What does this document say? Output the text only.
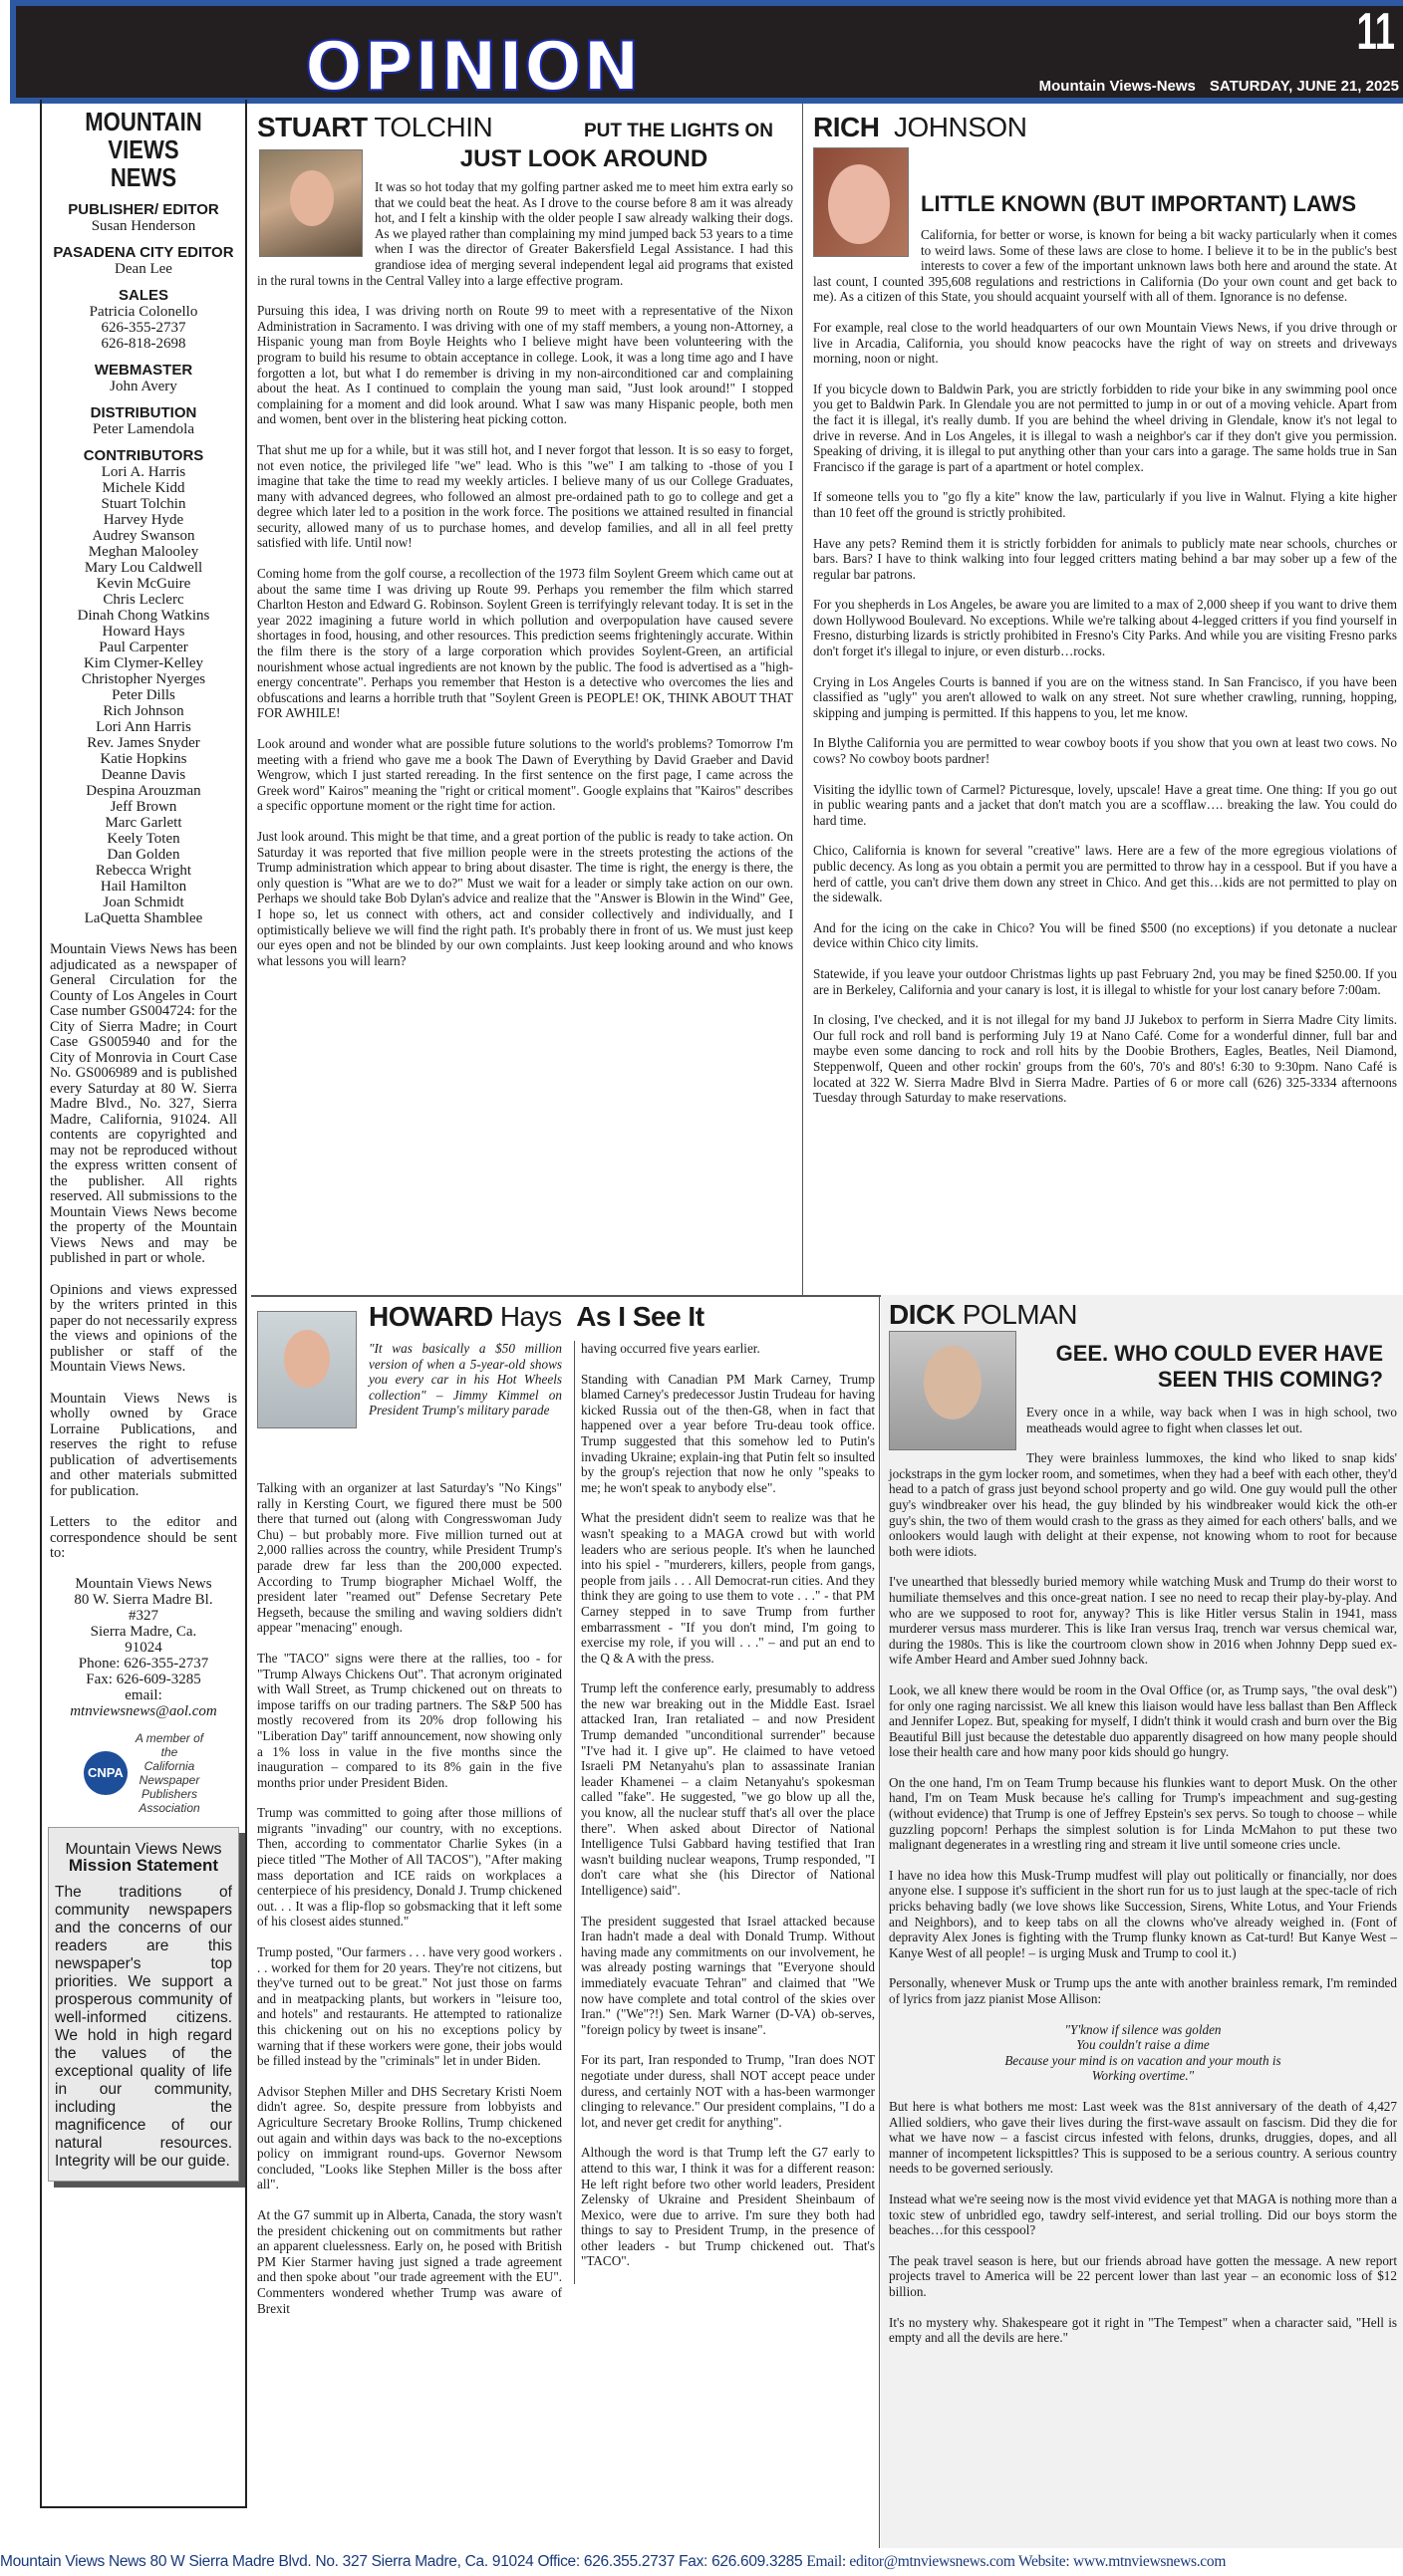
OPINION	11
Mountain Views-News SATURDAY, JUNE 21, 2025
MOUNTAIN
VIEWS
NEWS
PUBLISHER/ EDITOR
Susan Henderson
PASADENA CITY EDITOR
Dean Lee
SALES
Patricia Colonello
626-355-2737
626-818-2698
WEBMASTER
John Avery
DISTRIBUTION
Peter Lamendola
CONTRIBUTORS
Lori A. Harris
Michele Kidd
Stuart Tolchin
Harvey Hyde
Audrey Swanson
Meghan Malooley
Mary Lou Caldwell
Kevin McGuire
Chris Leclerc
Dinah Chong Watkins
Howard Hays
Paul Carpenter
Kim Clymer-Kelley
Christopher Nyerges
Peter Dills
Rich Johnson
Lori Ann Harris
Rev. James Snyder
Katie Hopkins
Deanne Davis
Despina Arouzman
Jeff Brown
Marc Garlett
Keely Toten
Dan Golden
Rebecca Wright
Hail Hamilton
Joan Schmidt
LaQuetta Shamblee
Mountain Views News has been adjudicated as a newspaper of General Circulation for the County of Los Angeles in Court Case number GS004724: for the City of Sierra Madre; in Court Case GS005940 and for the City of Monrovia in Court Case No. GS006989 and is published every Saturday at 80 W. Sierra Madre Blvd., No. 327, Sierra Madre, California, 91024. All contents are copyrighted and may not be reproduced without the express written consent of the publisher. All rights reserved. All submissions to the Mountain Views News become the property of the Mountain Views News and may be published in part or whole.
Opinions and views expressed by the writers printed in this paper do not necessarily express the views and opinions of the publisher or staff of the Mountain Views News.
Mountain Views News is wholly owned by Grace Lorraine Publications, and reserves the right to refuse publication of advertisements and other materials submitted for publication.
Letters to the editor and correspondence should be sent to:
Mountain Views News
80 W. Sierra Madre Bl.
#327
Sierra Madre, Ca.
91024
Phone: 626-355-2737
Fax: 626-609-3285
email:
mtnviewsnews@aol.com
CNPA
A member of
the
California
Newspaper
Publishers
Association
Mountain Views News
Mission Statement
The traditions of community newspapers and the concerns of our readers are this newspaper's top priorities. We support a prosperous community of well-informed citizens. We hold in high regard the values of the exceptional quality of life in our community, including the magnificence of our natural resources. Integrity will be our guide.
STUART TOLCHIN	PUT THE LIGHTS ON
JUST LOOK AROUND

It was so hot today that my golfing partner asked me to meet him extra early so that we could beat the heat. As I drove to the course before 8 am it was already hot, and I felt a kinship with the older people I saw already walking their dogs. As we played rather than complaining my mind jumped back 53 years to a time when I was the director of Greater Bakersfield Legal Assistance. I had this grandiose idea of merging several independent legal aid programs that existed in the rural towns in the Central Valley into a large effective program.

Pursuing this idea, I was driving north on Route 99 to meet with a representative of the Nixon Administration in Sacramento. I was driving with one of my staff members, a young non-Attorney, a Hispanic young man from Boyle Heights who I believe might have been volunteering with the program to build his resume to obtain acceptance in college. Look, it was a long time ago and I have forgotten a lot, but what I do remember is driving in my non-airconditioned car and complaining about the heat. As I continued to complain the young man said, "Just look around!" I stopped complaining for a moment and did look around. What I saw was many Hispanic people, both men and women, bent over in the blistering heat picking cotton.

That shut me up for a while, but it was still hot, and I never forgot that lesson. It is so easy to forget, not even notice, the privileged life "we" lead. Who is this "we" I am talking to -those of you I imagine that take the time to read my weekly articles. I believe many of us our College Graduates, many with advanced degrees, who followed an almost pre-ordained path to go to college and get a degree which later led to a position in the work force. The positions we attained resulted in financial security, allowed many of us to purchase homes, and develop families, and all in all feel pretty satisfied with life. Until now!

Coming home from the golf course, a recollection of the 1973 film Soylent Greem which came out at about the same time I was driving up Route 99. Perhaps you remember the film which starred Charlton Heston and Edward G. Robinson. Soylent Green is terrifyingly relevant today. It is set in the year 2022 imagining a future world in which pollution and overpopulation have caused severe shortages in food, housing, and other resources. This prediction seems frighteningly accurate. Within the film there is the story of a large corporation which provides Soylent-Green, an artificial nourishment whose actual ingredients are not known by the public. The food is advertised as a "high-energy concentrate". Perhaps you remember that Heston is a detective who overcomes the lies and obfuscations and learns a horrible truth that "Soylent Green is PEOPLE! OK, THINK ABOUT THAT FOR AWHILE!

Look around and wonder what are possible future solutions to the world's problems? Tomorrow I'm meeting with a friend who gave me a book The Dawn of Everything by David Graeber and David Wengrow, which I just started rereading. In the first sentence on the first page, I came across the Greek word" Kairos" meaning the "right or critical moment". Google explains that "Kairos" describes a specific opportune moment or the right time for action.

Just look around. This might be that time, and a great portion of the public is ready to take action. On Saturday it was reported that five million people were in the streets protesting the actions of the Trump administration which appear to bring about disaster. The time is right, the energy is there, the only question is "What are we to do?" Must we wait for a leader or simply take action on our own. Perhaps we should take Bob Dylan's advice and realize that the "Answer is Blowin in the Wind" Gee, I hope so, let us connect with others, act and consider collectively and individually, and I optimistically believe we will find the right path. It's probably there in front of us. We must just keep our eyes open and not be blinded by our own complaints. Just keep looking around and who knows what lessons you will learn?

RICH JOHNSON
LITTLE KNOWN (BUT IMPORTANT) LAWS

California, for better or worse, is known for being a bit wacky particularly when it comes to weird laws. Some of these laws are close to home. I believe it to be in the public's best interests to cover a few of the important unknown laws both here and around the state. At last count, I counted 395,608 regulations and restrictions in California (Do your own count and get back to me). As a citizen of this State, you should acquaint yourself with all of them. Ignorance is no defense.

For example, real close to the world headquarters of our own Mountain Views News, if you drive through or live in Arcadia, California, you should know peacocks have the right of way on streets and driveways morning, noon or night.

If you bicycle down to Baldwin Park, you are strictly forbidden to ride your bike in any swimming pool once you get to Baldwin Park. In Glendale you are not permitted to jump in or out of a moving vehicle. Apart from the fact it is illegal, it's really dumb. If you are behind the wheel driving in Glendale, know it's not legal to drive in reverse. And in Los Angeles, it is illegal to wash a neighbor's car if they don't give you permission. Speaking of driving, it is illegal to put anything other than your cars into a garage. The same holds true in San Francisco if the garage is part of a apartment or hotel complex.

If someone tells you to "go fly a kite" know the law, particularly if you live in Walnut. Flying a kite higher than 10 feet off the ground is strictly prohibited.

Have any pets? Remind them it is strictly forbidden for animals to publicly mate near schools, churches or bars. Bars? I have to think walking into four legged critters mating behind a bar may sober up a few of the regular bar patrons.

For you shepherds in Los Angeles, be aware you are limited to a max of 2,000 sheep if you want to drive them down Hollywood Boulevard. No exceptions. While we're talking about 4-legged critters if you find yourself in Fresno, disturbing lizards is strictly prohibited in Fresno's City Parks. And while you are visiting Fresno parks don't forget it's illegal to injure, or even disturb…rocks.

Crying in Los Angeles Courts is banned if you are on the witness stand. In San Francisco, if you have been classified as "ugly" you aren't allowed to walk on any street. Not sure whether crawling, running, hopping, skipping and jumping is permitted. If this happens to you, let me know.

In Blythe California you are permitted to wear cowboy boots if you show that you own at least two cows. No cows? No cowboy boots pardner!

Visiting the idyllic town of Carmel? Picturesque, lovely, upscale! Have a great time. One thing: If you go out in public wearing pants and a jacket that don't match you are a scofflaw…. breaking the law. You could do hard time.

Chico, California is known for several "creative" laws. Here are a few of the more egregious violations of public decency. As long as you obtain a permit you are permitted to throw hay in a cesspool. But if you have a herd of cattle, you can't drive them down any street in Chico. And get this…kids are not permitted to play on the sidewalk.

And for the icing on the cake in Chico? You will be fined $500 (no exceptions) if you detonate a nuclear device within Chico city limits.

Statewide, if you leave your outdoor Christmas lights up past February 2nd, you may be fined $250.00. If you are in Berkeley, California and your canary is lost, it is illegal to whistle for your lost canary before 7:00am.

In closing, I've checked, and it is not illegal for my band JJ Jukebox to perform in Sierra Madre City limits. Our full rock and roll band is performing July 19 at Nano Café. Come for a wonderful dinner, full bar and maybe even some dancing to rock and roll hits by the Doobie Brothers, Eagles, Beatles, Neil Diamond, Steppenwolf, Queen and other rockin' groups from the 60's, 70's and 80's! 6:30 to 9:30pm. Nano Café is located at 322 W. Sierra Madre Blvd in Sierra Madre. Parties of 6 or more call (626) 325-3334 afternoons Tuesday through Saturday to make reservations.

HOWARD Hays As I See It
"It was basically a $50 million version of when a 5-year-old shows you every car in his Hot Wheels collection" – Jimmy Kimmel on President Trump's military parade

Talking with an organizer at last Saturday's "No Kings" rally in Kersting Court, we figured there must be 500 there that turned out (along with Congresswoman Judy Chu) – but probably more. Five million turned out at 2,000 rallies across the country, while President Trump's parade drew far less than the 200,000 expected. According to Trump biographer Michael Wolff, the president later "reamed out" Defense Secretary Pete Hegseth, because the smiling and waving soldiers didn't appear "menacing" enough.

The "TACO" signs were there at the rallies, too - for "Trump Always Chickens Out". That acronym originated with Wall Street, as Trump chickened out on threats to impose tariffs on our trading partners. The S&P 500 has mostly recovered from its 20% drop following his "Liberation Day" tariff announcement, now showing only a 1% loss in value in the five months since the inauguration – compared to its 8% gain in the five months prior under President Biden.

Trump was committed to going after those millions of migrants "invading" our country, with no exceptions. Then, according to commentator Charlie Sykes (in a piece titled "The Mother of All TACOS"), "After making mass deportation and ICE raids on workplaces a centerpiece of his presidency, Donald J. Trump chickened out. . . It was a flip-flop so gobsmacking that it left some of his closest aides stunned."

Trump posted, "Our farmers . . . have very good workers . . . worked for them for 20 years. They're not citizens, but they've turned out to be great." Not just those on farms and in meatpacking plants, but workers in "leisure too, and hotels" and restaurants. He attempted to rationalize this chickening out on his no exceptions policy by warning that if these workers were gone, their jobs would be filled instead by the "criminals" let in under Biden.

Advisor Stephen Miller and DHS Secretary Kristi Noem didn't agree. So, despite pressure from lobbyists and Agriculture Secretary Brooke Rollins, Trump chickened out again and within days was back to the no-exceptions policy on immigrant round-ups. Governor Newsom concluded, "Looks like Stephen Miller is the boss after all".

At the G7 summit up in Alberta, Canada, the story wasn't the president chickening out on commitments but rather an apparent cluelessness. Early on, he posed with British PM Kier Starmer having just signed a trade agreement and then spoke about "our trade agreement with the EU". Commenters wondered whether Trump was aware of Brexit

having occurred five years earlier.

Standing with Canadian PM Mark Carney, Trump blamed Carney's predecessor Justin Trudeau for having kicked Russia out of the then-G8, when in fact that happened over a year before Tru-deau took office. Trump suggested that this somehow led to Putin's invading Ukraine; explain-ing that Putin felt so insulted by the group's rejection that now he only "speaks to me; he won't speak to anybody else".

What the president didn't seem to realize was that he wasn't speaking to a MAGA crowd but with world leaders who are serious people. It's when he launched into his spiel - "murderers, killers, people from gangs, people from jails . . . All Democrat-run cities. And they think they are going to use them to vote . . ." - that PM Carney stepped in to save Trump from further embarrassment - "If you don't mind, I'm going to exercise my role, if you will . . ." – and put an end to the Q & A with the press.

Trump left the conference early, presumably to address the new war breaking out in the Middle East. Israel attacked Iran, Iran retaliated – and now President Trump demanded "unconditional surrender" because "I've had it. I give up". He claimed to have vetoed Israeli PM Netanyahu's plan to assassinate Iranian leader Khamenei – a claim Netanyahu's spokesman called "fake". He suggested, "we go blow up all the, you know, all the nuclear stuff that's all over the place there". When asked about Director of National Intelligence Tulsi Gabbard having testified that Iran wasn't building nuclear weapons, Trump responded, "I don't care what she (his Director of National Intelligence) said".

The president suggested that Israel attacked because Iran hadn't made a deal with Donald Trump. Without having made any commitments on our involvement, he was already posting warnings that "Everyone should immediately evacuate Tehran" and claimed that "We now have complete and total control of the skies over Iran." ("We"?!) Sen. Mark Warner (D-VA) ob-serves, "foreign policy by tweet is insane".

For its part, Iran responded to Trump, "Iran does NOT negotiate under duress, shall NOT accept peace under duress, and certainly NOT with a has-been warmonger clinging to relevance." Our president complains, "I do a lot, and never get credit for anything".

Although the word is that Trump left the G7 early to attend to this war, I think it was for a different reason: He left right before two other world leaders, President Zelensky of Ukraine and President Sheinbaum of Mexico, were due to arrive. I'm sure they both had things to say to President Trump, in the presence of other leaders - but Trump chickened out. That's "TACO".

DICK POLMAN
GEE. WHO COULD EVER HAVE SEEN THIS COMING?

Every once in a while, way back when I was in high school, two meatheads would agree to fight when classes let out.

They were brainless lummoxes, the kind who liked to snap kids' jockstraps in the gym locker room, and sometimes, when they had a beef with each other, they'd head to a patch of grass just beyond school property and go wild. One guy would pull the other guy's windbreaker over his head, the guy blinded by his windbreaker would kick the oth-er guy's shin, the two of them would crash to the grass as they aimed for each others' balls, and we onlookers would laugh with delight at their expense, not knowing whom to root for because both were idiots.

I've unearthed that blessedly buried memory while watching Musk and Trump do their worst to humiliate themselves and this once-great nation. I see no need to recap their play-by-play. And who are we supposed to root for, anyway? This is like Hitler versus Stalin in 1941, mass murderer versus mass murderer. This is like Iran versus Iraq, trench war versus chemical war, during the 1980s. This is like the courtroom clown show in 2016 when Johnny Depp sued ex-wife Amber Heard and Amber sued Johnny back.

Look, we all knew there would be room in the Oval Office (or, as Trump says, "the oval desk") for only one raging narcissist. We all knew this liaison would have less ballast than Ben Affleck and Jennifer Lopez. But, speaking for myself, I didn't think it would crash and burn over the Big Beautiful Bill just because the detestable duo apparently disagreed on how many people should lose their health care and how many poor kids should go hungry.

On the one hand, I'm on Team Trump because his flunkies want to deport Musk. On the other hand, I'm on Team Musk because he's calling for Trump's impeachment and sug-gesting (without evidence) that Trump is one of Jeffrey Epstein's sex pervs. So tough to choose – while guzzling popcorn! Perhaps the simplest solution is for Linda McMahon to put these two malignant degenerates in a wrestling ring and stream it live until someone cries uncle.

I have no idea how this Musk-Trump mudfest will play out politically or financially, nor does anyone else. I suppose it's sufficient in the short run for us to just laugh at the spec-tacle of rich pricks behaving badly (we love shows like Succession, Sirens, White Lotus, and Your Friends and Neighbors), and to keep tabs on all the clowns who've already weighed in. (Font of depravity Alex Jones is fighting with the Trump flunky known as Cat-turd! But Kanye West – Kanye West of all people! – is urging Musk and Trump to cool it.)

Personally, whenever Musk or Trump ups the ante with another brainless remark, I'm reminded of lyrics from jazz pianist Mose Allison:

"Y'know if silence was golden
You couldn't raise a dime
Because your mind is on vacation and your mouth is
Working overtime."

But here is what bothers me most: Last week was the 81st anniversary of the death of 4,427 Allied soldiers, who gave their lives during the first-wave assault on fascism. Did they die for what we have now – a fascist circus infested with felons, drunks, druggies, dopes, and all manner of incompetent lickspittles? This is supposed to be a serious country. A serious country needs to be governed seriously.

Instead what we're seeing now is the most vivid evidence yet that MAGA is nothing more than a toxic stew of unbridled ego, tawdry self-interest, and serial trolling. Did our boys storm the beaches…for this cesspool?

The peak travel season is here, but our friends abroad have gotten the message. A new report projects travel to America will be 22 percent lower than last year – an economic loss of $12 billion.

It's no mystery why. Shakespeare got it right in "The Tempest" when a character said, "Hell is empty and all the devils are here."

Mountain Views News 80 W Sierra Madre Blvd. No. 327 Sierra Madre, Ca. 91024 Office: 626.355.2737 Fax: 626.609.3285 Email: editor@mtnviewsnews.com Website: www.mtnviewsnews.com
